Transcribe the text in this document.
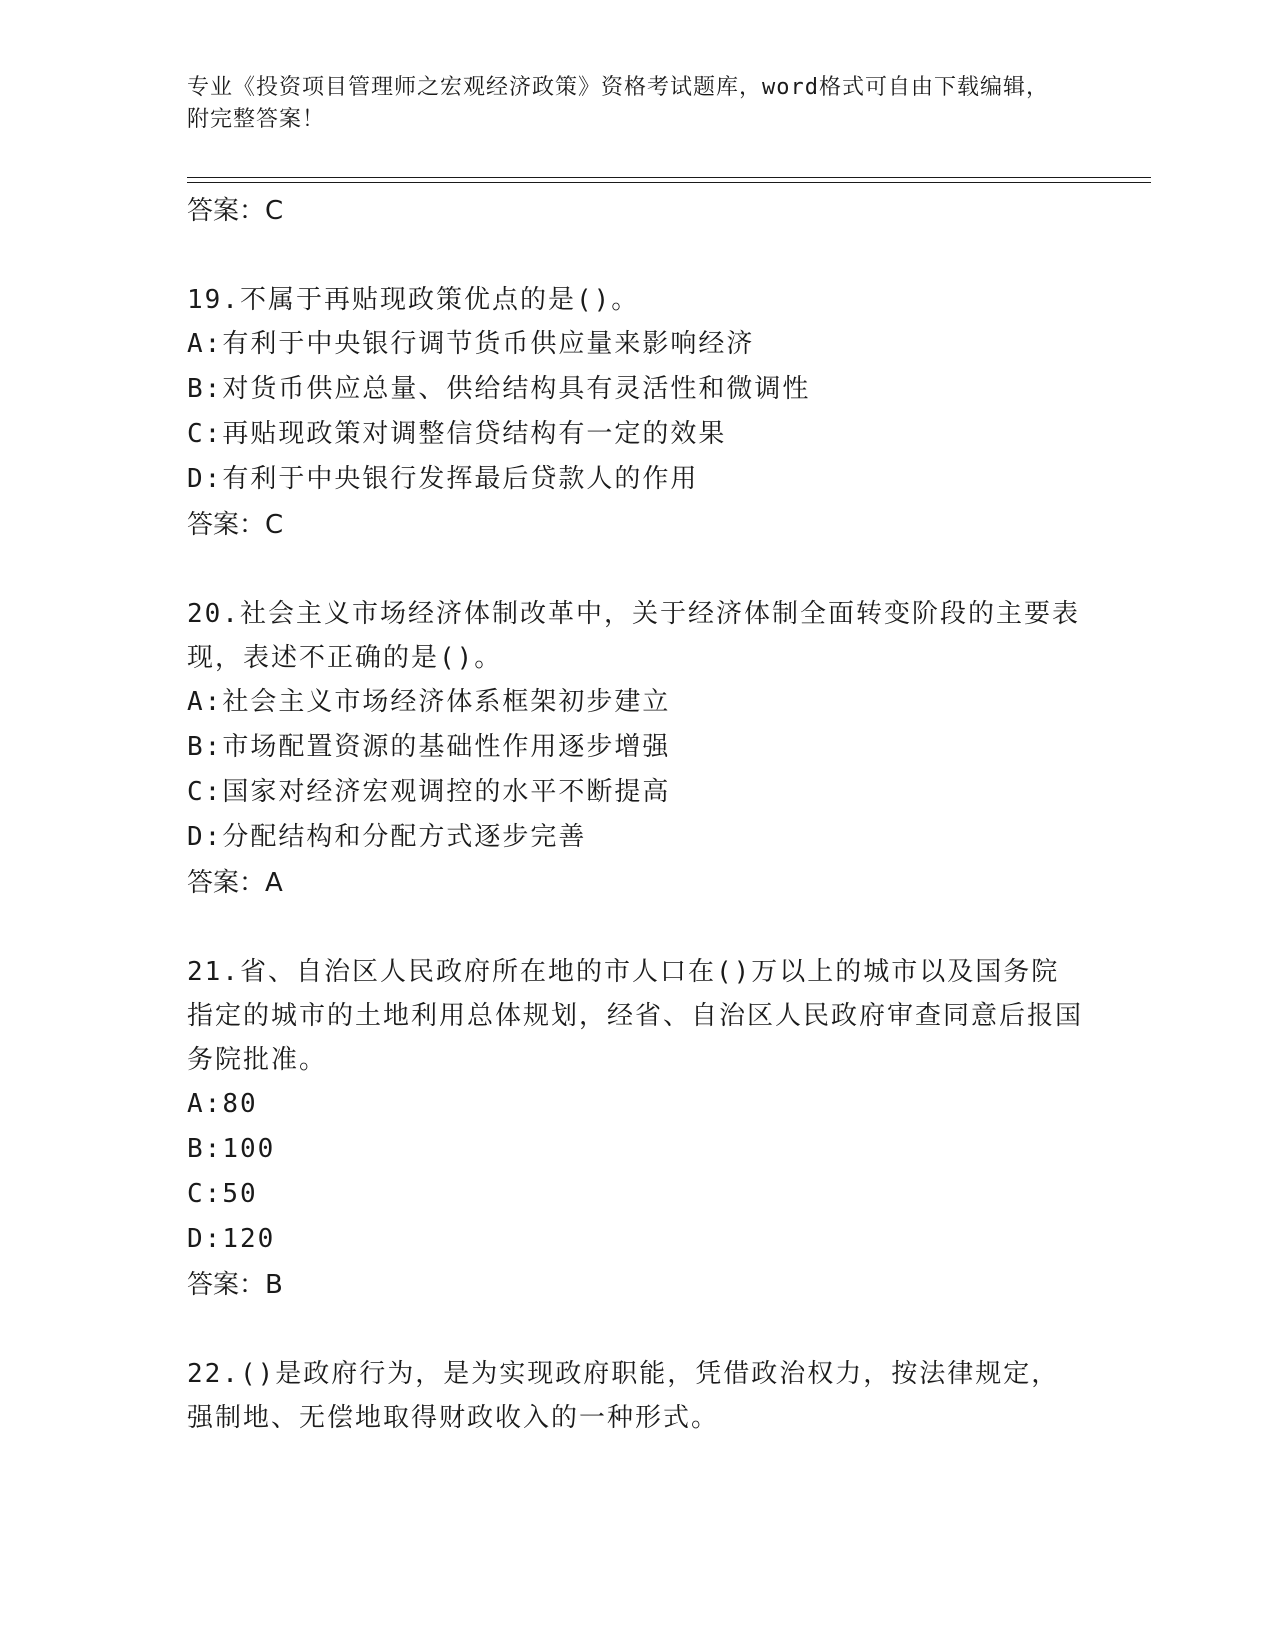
专业《投资项目管理师之宏观经济政策》资格考试题库，word格式可自由下载编辑，附完整答案！
答案：C
19.不属于再贴现政策优点的是()。
A:有利于中央银行调节货币供应量来影响经济
B:对货币供应总量、供给结构具有灵活性和微调性
C:再贴现政策对调整信贷结构有一定的效果
D:有利于中央银行发挥最后贷款人的作用
答案：C
20.社会主义市场经济体制改革中，关于经济体制全面转变阶段的主要表现，表述不正确的是()。
A:社会主义市场经济体系框架初步建立
B:市场配置资源的基础性作用逐步增强
C:国家对经济宏观调控的水平不断提高
D:分配结构和分配方式逐步完善
答案：A
21.省、自治区人民政府所在地的市人口在()万以上的城市以及国务院指定的城市的土地利用总体规划，经省、自治区人民政府审查同意后报国务院批准。
A:80
B:100
C:50
D:120
答案：B
22.()是政府行为，是为实现政府职能，凭借政治权力，按法律规定，强制地、无偿地取得财政收入的一种形式。
